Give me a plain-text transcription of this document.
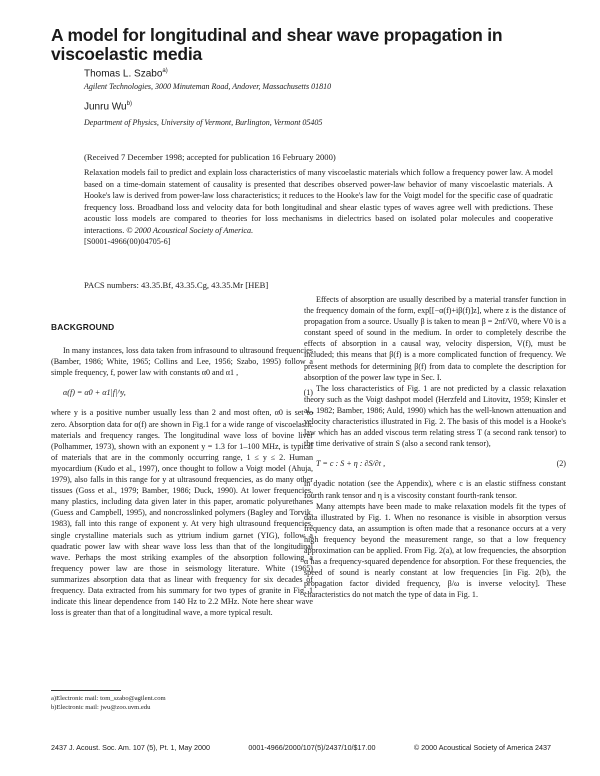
A model for longitudinal and shear wave propagation in viscoelastic media
Thomas L. Szabo$^{a)}$
Agilent Technologies, 3000 Minuteman Road, Andover, Massachusetts 01810
Junru Wu$^{b)}$
Department of Physics, University of Vermont, Burlington, Vermont 05405
(Received 7 December 1998; accepted for publication 16 February 2000)

Relaxation models fail to predict and explain loss characteristics of many viscoelastic materials which follow a frequency power law. A model based on a time-domain statement of causality is presented that describes observed power-law behavior of many viscoelastic materials. A Hooke's law is derived from power-law loss characteristics; it reduces to the Hooke's law for the Voigt model for the specific case of quadratic frequency loss. Broadband loss and velocity data for both longitudinal and shear elastic types of waves agree well with predictions. These acoustic loss models are compared to theories for loss mechanisms in dielectrics based on isolated polar molecules and cooperative interactions. © 2000 Acoustical Society of America.
[S0001-4966(00)04705-6]

PACS numbers: 43.35.Bf, 43.35.Cg, 43.35.Mr [HEB]
BACKGROUND

In many instances, loss data taken from infrasound to ultrasound frequencies (Bamber, 1986; White, 1965; Collins and Lee, 1956; Szabo, 1995) follow a simple frequency, f, power law with constants α0 and α1 ,

α(f) = α0 + α1|f|^y,	(1)

where y is a positive number usually less than 2 and most often, α0 is set to zero. Absorption data for α(f) are shown in Fig.1 for a wide range of viscoelastic materials and frequency ranges. The longitudinal wave loss of bovine liver (Polhammer, 1973), shown with an exponent y = 1.3 for 1–100 MHz, is typical of materials that are in the commonly occurring range, 1 ≤ y ≤ 2. Human myocardium (Kudo et al., 1997), once thought to follow a Voigt model (Ahuja, 1979), also falls in this range for y at ultrasound frequencies, as do many other tissues (Goss et al., 1979; Bamber, 1986; Duck, 1990). At lower frequencies, many plastics, including data given later in this paper, aromatic polyurethanes (Guess and Campbell, 1995), and noncrosslinked polymers (Bagley and Torvik, 1983), fall into this range of exponent y. At very high ultrasound frequencies, single crystalline materials such as yttrium indium garnet (YIG), follow a quadratic power law with shear wave loss less than that of the longitudinal wave. Perhaps the most striking examples of the absorption following a frequency power law are those in seismology literature. White (1965) summarizes absorption data that as linear with frequency for six decades of frequency. Data extracted from his summary for two types of granite in Fig. 1 indicate this linear dependence from 140 Hz to 2.2 MHz. Note here shear wave loss is greater than that of a longitudinal wave, a more typical result.

Effects of absorption are usually described by a material transfer function in the frequency domain of the form, exp[[−α(f)+iβ(f)]z], where z is the distance of propagation from a source. Usually β is taken to mean β = 2πf/V0, where V0 is a constant speed of sound in the medium. In order to completely describe the effects of absorption in a causal way, velocity dispersion, V(f), must be included; this means that β(f) is a more complicated function of frequency. We present methods for determining β(f) from data to complete the description for absorption of the power law type in Sec. I.

The loss characteristics of Fig. 1 are not predicted by a classic relaxation theory such as the Voigt dashpot model (Herzfeld and Litovitz, 1959; Kinsler et al., 1982; Bamber, 1986; Auld, 1990) which has the well-known attenuation and velocity characteristics illustrated in Fig. 2. The basis of this model is a Hooke's law which has an added viscous term relating stress T (a second rank tensor) to the time derivative of strain S (also a second rank tensor),

T = c : S + η : ∂S/∂t ,	(2)

in dyadic notation (see the Appendix), where c is an elastic stiffness constant fourth rank tensor and η is a viscosity constant fourth-rank tensor.

Many attempts have been made to make relaxation models fit the types of data illustrated by Fig. 1. When no resonance is visible in absorption versus frequency data, an assumption is often made that a resonance occurs at a very high frequency beyond the measurement range, so that a low frequency approximation can be applied. From Fig. 2(a), at low frequencies, the absorption α has a frequency-squared dependence for absorption. For these frequencies, the speed of sound is nearly constant at low frequencies [in Fig. 2(b), the propagation factor divided frequency, β/ω is inverse velocity]. These characteristics do not match the type of data in Fig. 1.

a)Electronic mail: tom_szabo@agilent.com
b)Electronic mail: jwu@zoo.uvm.edu
2437 J. Acoust. Soc. Am. 107 (5), Pt. 1, May 2000	0001-4966/2000/107(5)/2437/10/$17.00	© 2000 Acoustical Society of America 2437
